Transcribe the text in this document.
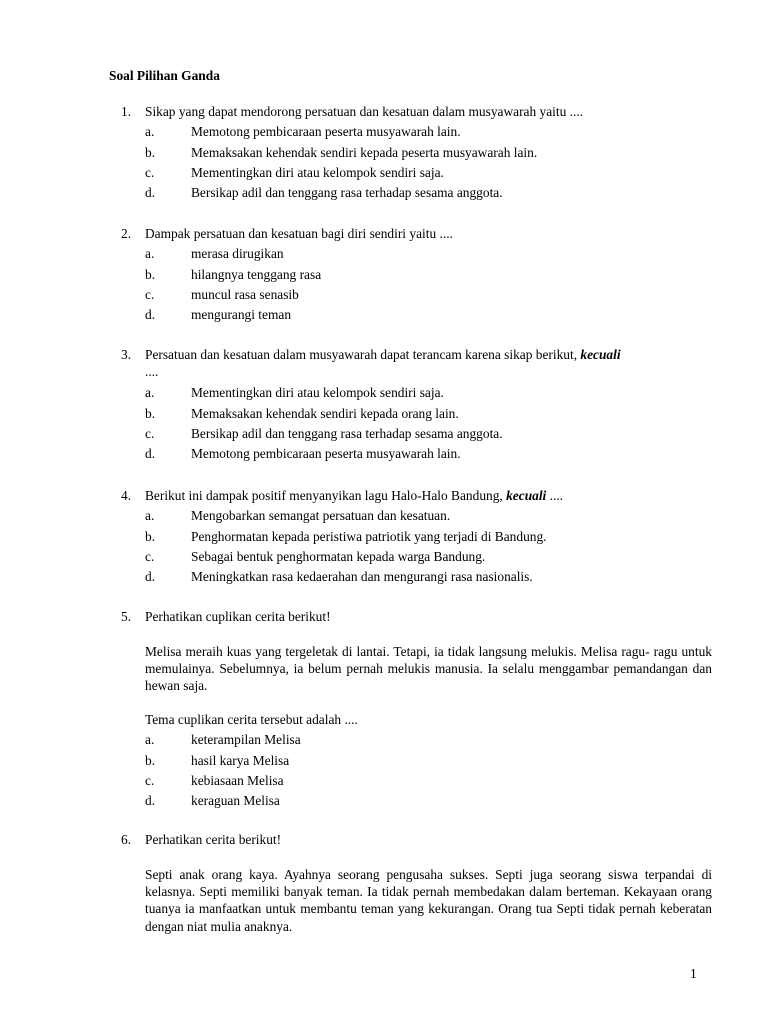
Soal Pilihan Ganda
1. Sikap yang dapat mendorong persatuan dan kesatuan dalam musyawarah yaitu ....
a.	Memotong pembicaraan peserta musyawarah lain.
b.	Memaksakan kehendak sendiri kepada peserta musyawarah lain.
c.	Mementingkan diri atau kelompok sendiri saja.
d.	Bersikap adil dan tenggang rasa terhadap sesama anggota.
2. Dampak persatuan dan kesatuan bagi diri sendiri yaitu ....
a.	merasa dirugikan
b.	hilangnya tenggang rasa
c.	muncul rasa senasib
d.	mengurangi teman
3. Persatuan dan kesatuan dalam musyawarah dapat terancam karena sikap berikut, kecuali
....
a.	Mementingkan diri atau kelompok sendiri saja.
b.	Memaksakan kehendak sendiri kepada orang lain.
c.	Bersikap adil dan tenggang rasa terhadap sesama anggota.
d.	Memotong pembicaraan peserta musyawarah lain.
4. Berikut ini dampak positif menyanyikan lagu Halo-Halo Bandung, kecuali ....
a.	Mengobarkan semangat persatuan dan kesatuan.
b.	Penghormatan kepada peristiwa patriotik yang terjadi di Bandung.
c.	Sebagai bentuk penghormatan kepada warga Bandung.
d.	Meningkatkan rasa kedaerahan dan mengurangi rasa nasionalis.
5. Perhatikan cuplikan cerita berikut!
Melisa meraih kuas yang tergeletak di lantai. Tetapi, ia tidak langsung melukis. Melisa ragu- ragu untuk memulainya. Sebelumnya, ia belum pernah melukis manusia. Ia selalu menggambar pemandangan dan hewan saja.
Tema cuplikan cerita tersebut adalah ....
a.	keterampilan Melisa
b.	hasil karya Melisa
c.	kebiasaan Melisa
d.	keraguan Melisa
6. Perhatikan cerita berikut!
Septi anak orang kaya. Ayahnya seorang pengusaha sukses. Septi juga seorang siswa terpandai di kelasnya. Septi memiliki banyak teman. Ia tidak pernah membedakan dalam berteman. Kekayaan orang tuanya ia manfaatkan untuk membantu teman yang kekurangan. Orang tua Septi tidak pernah keberatan dengan niat mulia anaknya.
1
